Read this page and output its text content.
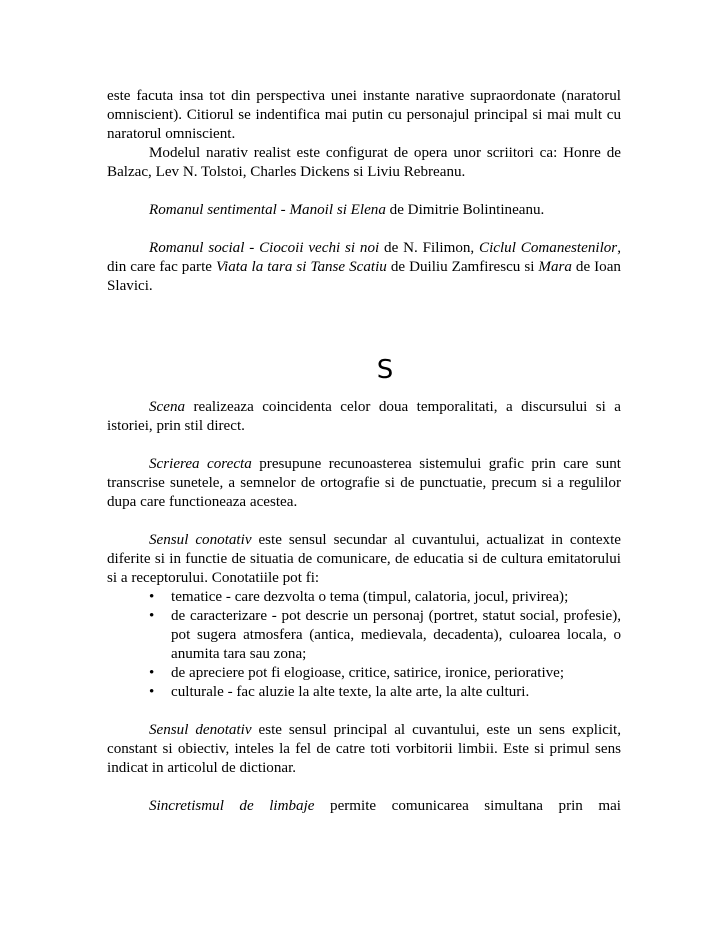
este facuta insa tot din perspectiva unei instante narative supraordonate (naratorul omniscient). Citiorul se indentifica mai putin cu personajul principal si mai mult cu naratorul omniscient.

Modelul narativ realist este configurat de opera unor scriitori ca: Honre de Balzac, Lev N. Tolstoi, Charles Dickens si Liviu Rebreanu.

Romanul sentimental - Manoil si Elena de Dimitrie Bolintineanu.

Romanul social - Ciocoii vechi si noi de N. Filimon, Ciclul Comanestenilor, din care fac parte Viata la tara si Tanse Scatiu de Duiliu Zamfirescu si Mara de Ioan Slavici.

S

Scena realizeaza coincidenta celor doua temporalitati, a discursului si a istoriei, prin stil direct.

Scrierea corecta presupune recunoasterea sistemului grafic prin care sunt transcrise sunetele, a semnelor de ortografie si de punctuatie, precum si a regulilor dupa care functioneaza acestea.

Sensul conotativ este sensul secundar al cuvantului, actualizat in contexte diferite si in functie de situatia de comunicare, de educatia si de cultura emitatorului si a receptorului. Conotatiile pot fi:

• tematice - care dezvolta o tema (timpul, calatoria, jocul, privirea);
• de caracterizare - pot descrie un personaj (portret, statut social, profesie), pot sugera atmosfera (antica, medievala, decadenta), culoarea locala, o anumita tara sau zona;
• de apreciere pot fi elogioase, critice, satirice, ironice, periorative;
• culturale - fac aluzie la alte texte, la alte arte, la alte culturi.

Sensul denotativ este sensul principal al cuvantului, este un sens explicit, constant si obiectiv, inteles la fel de catre toti vorbitorii limbii. Este si primul sens indicat in articolul de dictionar.

Sincretismul de limbaje permite comunicarea simultana prin mai
